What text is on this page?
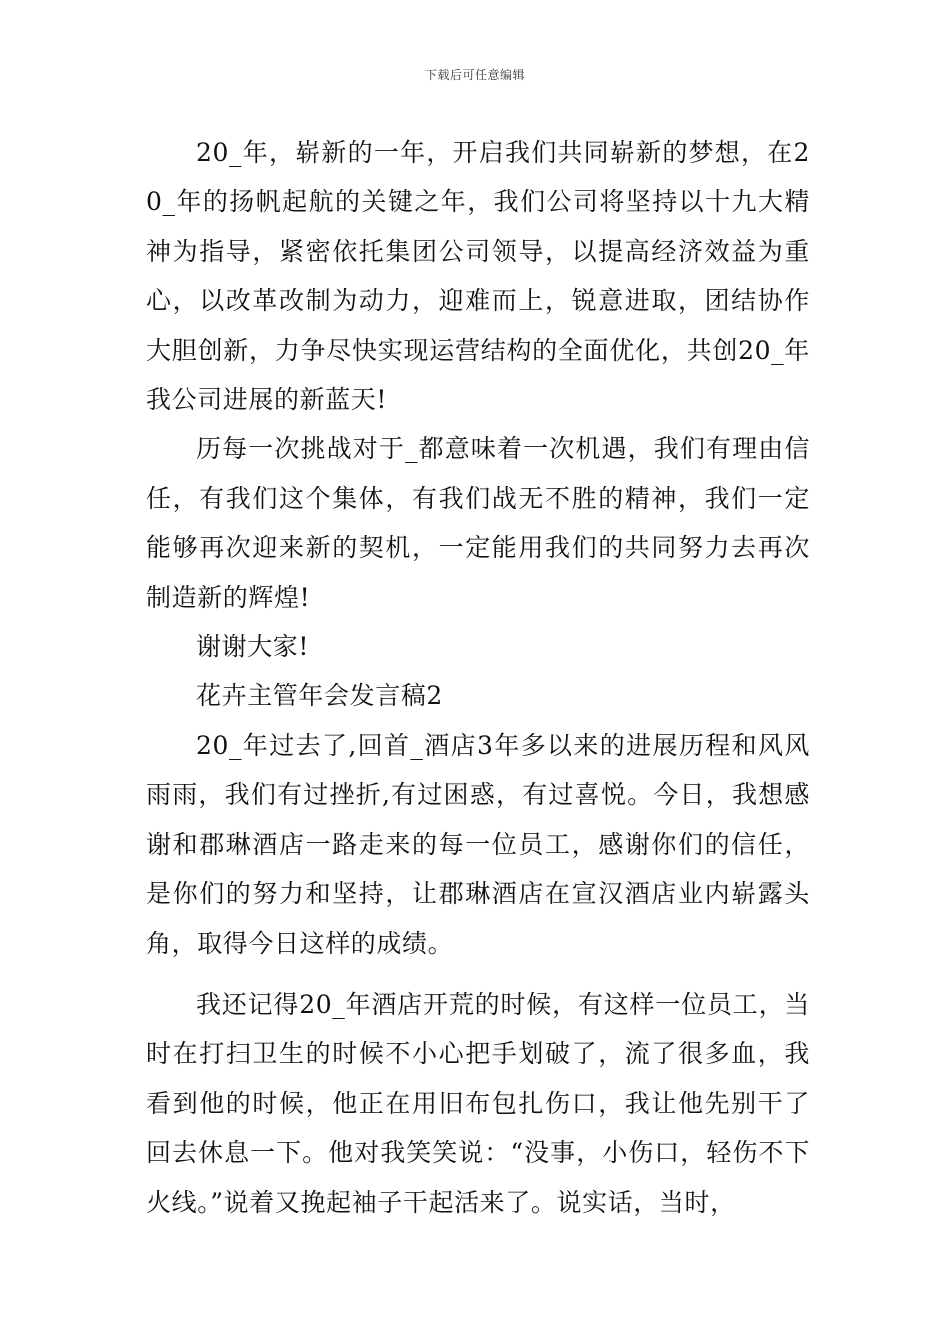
下载后可任意编辑

20_年，崭新的一年，开启我们共同崭新的梦想，在20_年的扬帆起航的关键之年，我们公司将坚持以十九大精神为指导，紧密依托集团公司领导，以提高经济效益为重心，以改革改制为动力，迎难而上，锐意进取，团结协作大胆创新，力争尽快实现运营结构的全面优化，共创20_年我公司进展的新蓝天!

历每一次挑战对于_都意味着一次机遇，我们有理由信任，有我们这个集体，有我们战无不胜的精神，我们一定能够再次迎来新的契机，一定能用我们的共同努力去再次制造新的辉煌!

谢谢大家!

花卉主管年会发言稿2

20_年过去了,回首_酒店3年多以来的进展历程和风风雨雨，我们有过挫折,有过困惑，有过喜悦。今日，我想感谢和郡琳酒店一路走来的每一位员工，感谢你们的信任，是你们的努力和坚持，让郡琳酒店在宣汉酒店业内崭露头角，取得今日这样的成绩。

我还记得20_年酒店开荒的时候，有这样一位员工，当时在打扫卫生的时候不小心把手划破了，流了很多血，我看到他的时候，他正在用旧布包扎伤口，我让他先别干了回去休息一下。他对我笑笑说：“没事，小伤口，轻伤不下火线。”说着又挽起袖子干起活来了。说实话，当时，
